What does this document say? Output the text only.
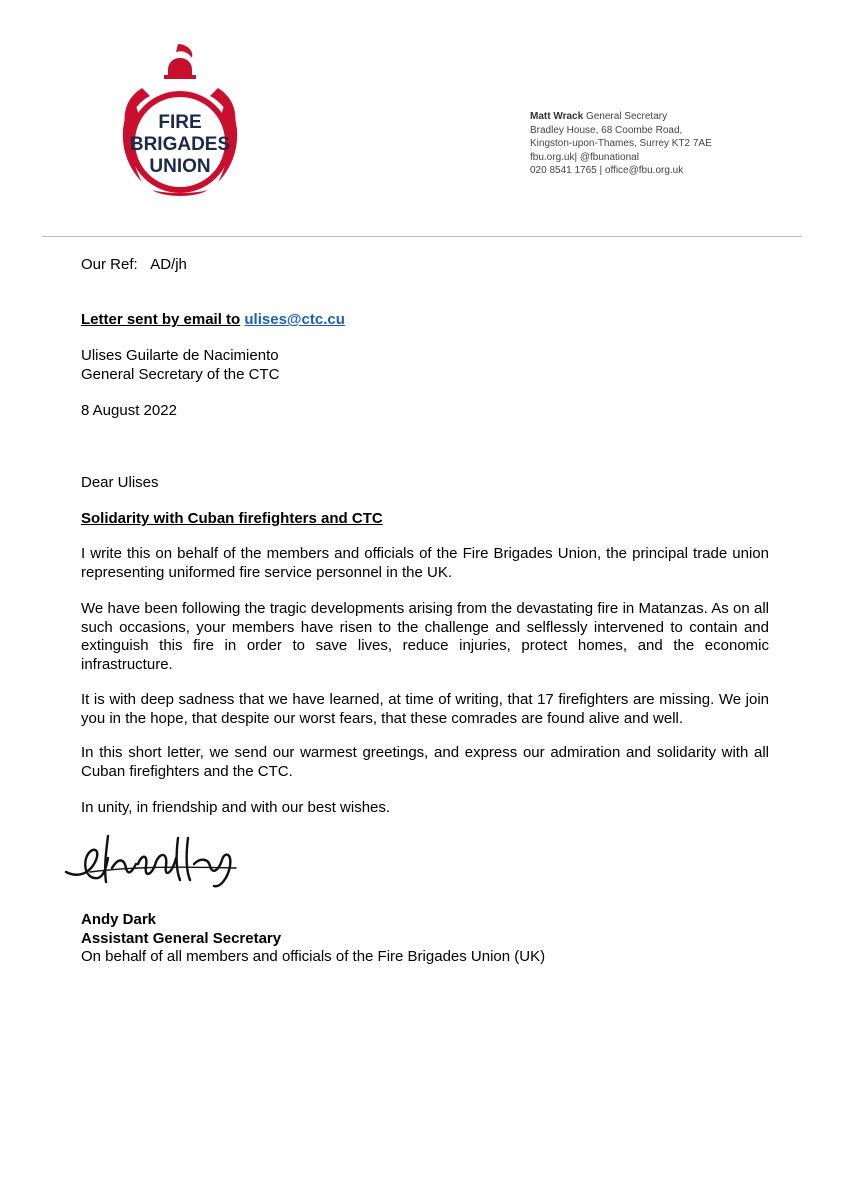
FIRE
BRIGADES
UNION
Matt Wrack General Secretary
Bradley House, 68 Coombe Road,
Kingston-upon-Thames, Surrey KT2 7AE
fbu.org.uk| @fbunational
020 8541 1765 | office@fbu.org.uk
Our Ref: AD/jh
Letter sent by email to ulises@ctc.cu
Ulises Guilarte de Nacimiento
General Secretary of the CTC
8 August 2022
Dear Ulises
Solidarity with Cuban firefighters and CTC

I write this on behalf of the members and officials of the Fire Brigades Union, the principal trade union representing uniformed fire service personnel in the UK.

We have been following the tragic developments arising from the devastating fire in Matanzas. As on all such occasions, your members have risen to the challenge and selflessly intervened to contain and extinguish this fire in order to save lives, reduce injuries, protect homes, and the economic infrastructure.

It is with deep sadness that we have learned, at time of writing, that 17 firefighters are missing. We join you in the hope, that despite our worst fears, that these comrades are found alive and well.

In this short letter, we send our warmest greetings, and express our admiration and solidarity with all Cuban firefighters and the CTC.

In unity, in friendship and with our best wishes.

Andy Dark
Assistant General Secretary
On behalf of all members and officials of the Fire Brigades Union (UK)
